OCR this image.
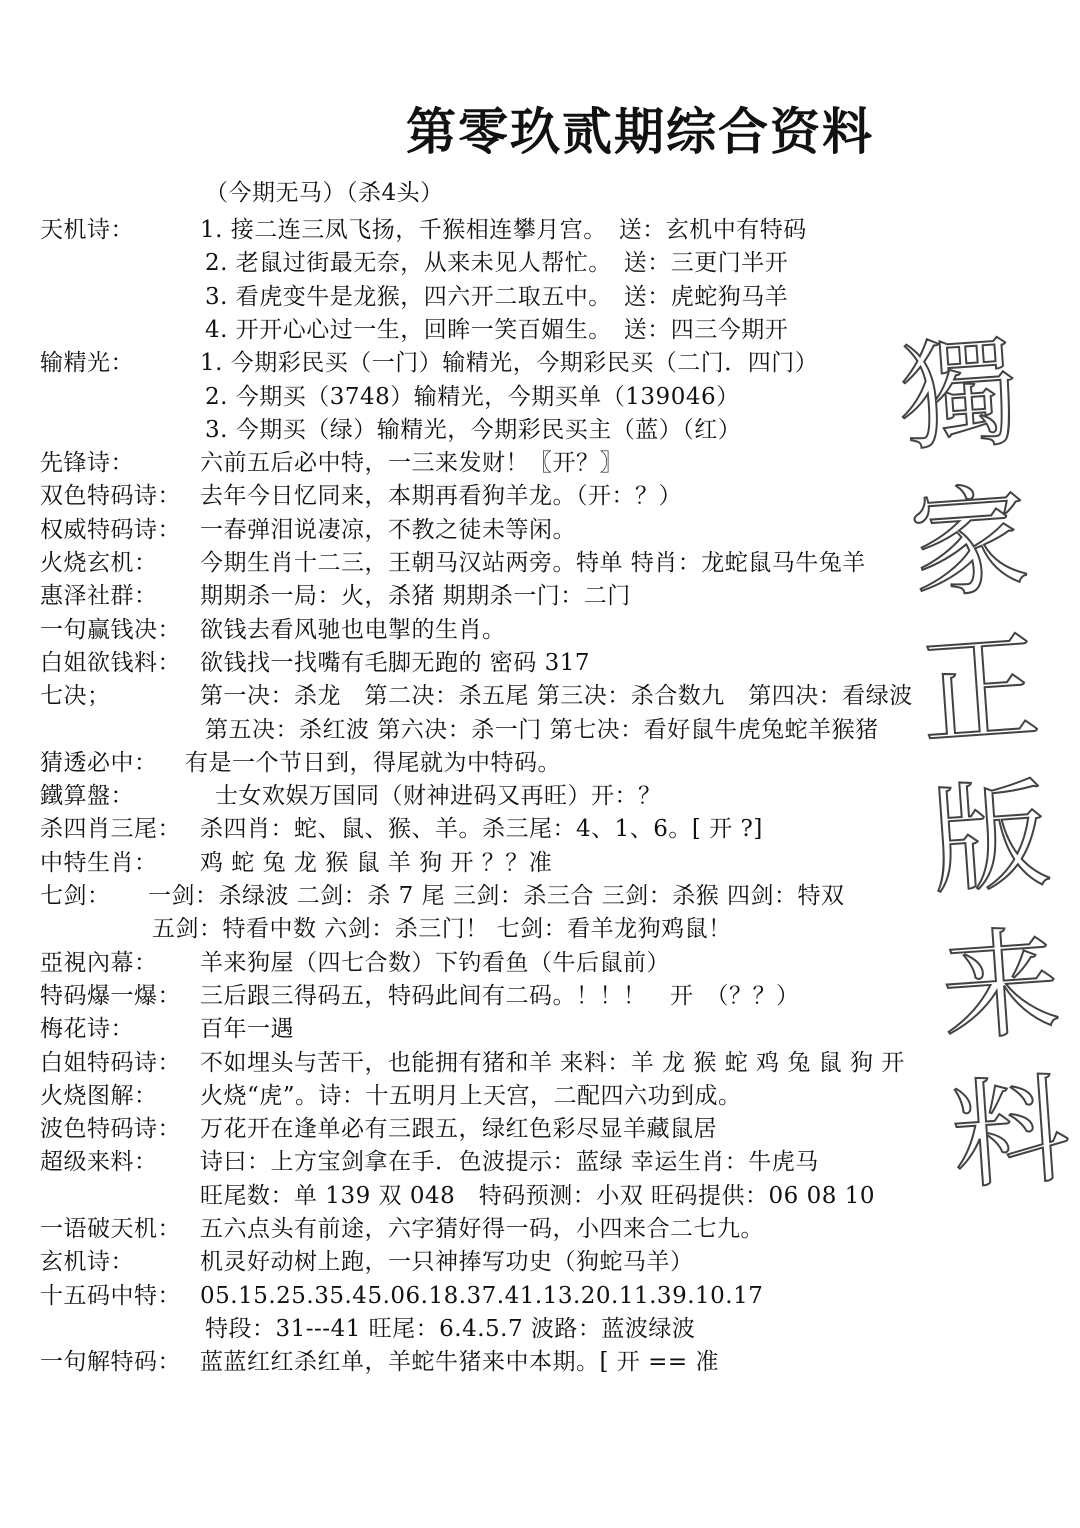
第零玖贰期综合资料
（今期无马）（杀4头）
天机诗：	1. 接二连三凤飞扬，千猴相连攀月宫。　送：玄机中有特码
2. 老鼠过街最无奈，从来未见人帮忙。　送：三更门半开
3. 看虎变牛是龙猴，四六开二取五中。　送：虎蛇狗马羊
4. 开开心心过一生，回眸一笑百媚生。　送：四三今期开
输精光：	1. 今期彩民买（一门）输精光，今期彩民买（二门．四门）
2. 今期买（3748）输精光，今期买单（139046）
3. 今期买（绿）输精光，今期彩民买主（蓝）（红）
先锋诗：	六前五后必中特，一三来发财！〖开？〗
双色特码诗： 去年今日忆同来，本期再看狗羊龙。（开：？）
权威特码诗： 一春弹泪说凄凉，不教之徒未等闲。
火烧玄机： 今期生肖十二三，王朝马汉站两旁。特单 特肖：龙蛇鼠马牛兔羊
惠泽社群： 期期杀一局：火，杀猪 期期杀一门：二门
一句赢钱决： 欲钱去看风驰也电掣的生肖。
白姐欲钱料： 欲钱找一找嘴有毛脚无跑的 密码 317
七决；	第一决：杀龙　第二决：杀五尾 第三决：杀合数九　第四决：看绿波
第五决：杀红波 第六决：杀一门 第七决：看好鼠牛虎兔蛇羊猴猪
猜透必中： 有是一个节日到，得尾就为中特码。
鐵算盤：	士女欢娱万国同（财神进码又再旺）开：？
杀四肖三尾： 杀四肖：蛇、鼠、猴、羊。杀三尾：4、1、6。[ 开 ?]
中特生肖： 鸡 蛇 兔 龙 猴 鼠 羊 狗 开 ？？准
七剑： 一剑：杀绿波 二剑：杀 7 尾 三剑：杀三合 三剑：杀猴 四剑：特双
五剑：特看中数 六剑：杀三门！ 七剑：看羊龙狗鸡鼠！
亞視內幕： 羊来狗屋（四七合数）下钓看鱼（牛后鼠前）
特码爆一爆： 三后跟三得码五，特码此间有二码。！！！　开　（？？）
梅花诗：	百年一遇
白姐特码诗： 不如埋头与苦干，也能拥有猪和羊 来料：羊 龙 猴 蛇 鸡 兔 鼠 狗 开
火烧图解： 火烧“虎”。诗：十五明月上天宫，二配四六功到成。
波色特码诗： 万花开在逢单必有三跟五，绿红色彩尽显羊藏鼠居
超级来料： 诗曰：上方宝剑拿在手．色波提示：蓝绿 幸运生肖：牛虎马
旺尾数：单 139 双 048　特码预测：小双 旺码提供：06 08 10
一语破天机： 五六点头有前途，六字猜好得一码，小四来合二七九。
玄机诗：	机灵好动树上跑，一只神捧写功史（狗蛇马羊）
十五码中特： 05.15.25.35.45.06.18.37.41.13.20.11.39.10.17
特段：31---41 旺尾：6.4.5.7 波路：蓝波绿波
一句解特码： 蓝蓝红红杀红单，羊蛇牛猪来中本期。[ 开 == 准
獨
家
正
版
来
料
